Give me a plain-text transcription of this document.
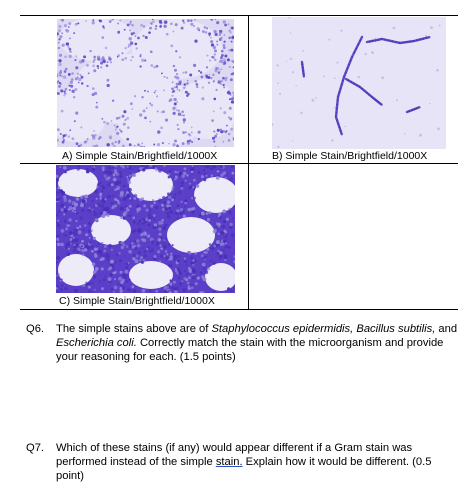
A) Simple Stain/Brightfield/1000X	B) Simple Stain/Brightfield/1000X
C) Simple Stain/Brightfield/1000X
Q6. The simple stains above are of Staphylococcus epidermidis, Bacillus subtilis, and Escherichia coli. Correctly match the stain with the microorganism and provide your reasoning for each. (1.5 points)
Q7. Which of these stains (if any) would appear different if a Gram stain was performed instead of the simple stain. Explain how it would be different. (0.5 point)
